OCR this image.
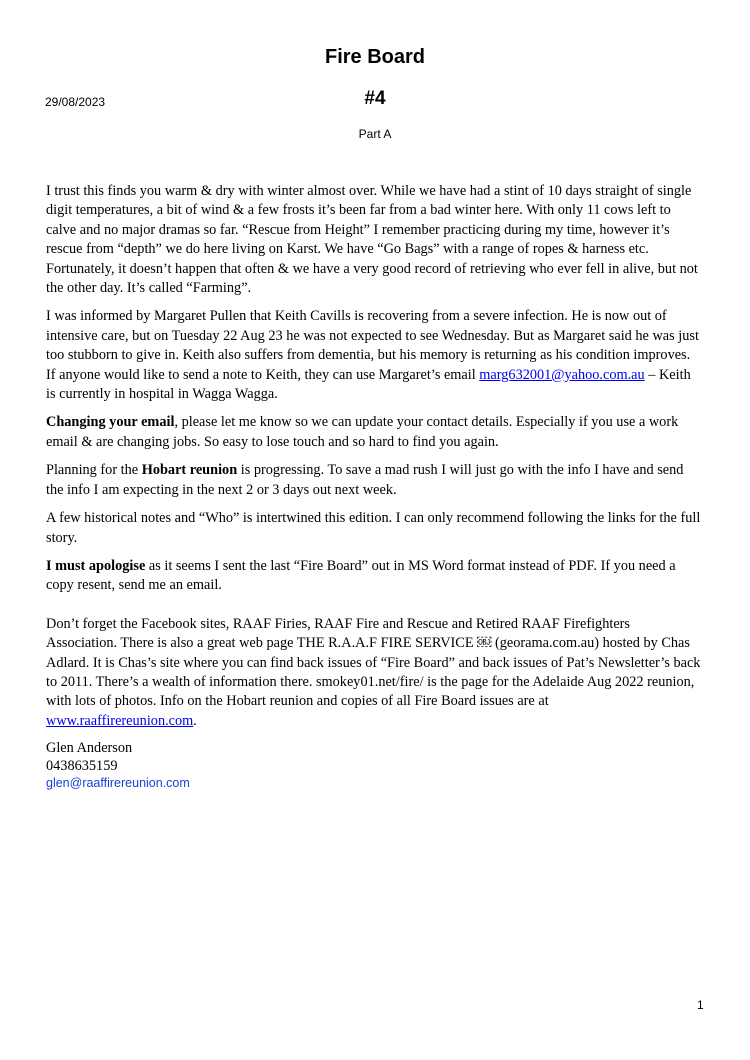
Fire Board
29/08/2023	#4
Part A

I trust this finds you warm & dry with winter almost over. While we have had a stint of 10 days straight of single digit temperatures, a bit of wind & a few frosts it’s been far from a bad winter here. With only 11 cows left to calve and no major dramas so far. “Rescue from Height” I remember practicing during my time, however it’s rescue from “depth” we do here living on Karst. We have “Go Bags” with a range of ropes & harness etc. Fortunately, it doesn’t happen that often & we have a very good record of retrieving who ever fell in alive, but not the other day. It’s called “Farming”.

I was informed by Margaret Pullen that Keith Cavills is recovering from a severe infection. He is now out of intensive care, but on Tuesday 22 Aug 23 he was not expected to see Wednesday. But as Margaret said he was just too stubborn to give in. Keith also suffers from dementia, but his memory is returning as his condition improves. If anyone would like to send a note to Keith, they can use Margaret’s email marg632001@yahoo.com.au – Keith is currently in hospital in Wagga Wagga.

Changing your email, please let me know so we can update your contact details. Especially if you use a work email & are changing jobs. So easy to lose touch and so hard to find you again.

Planning for the Hobart reunion is progressing. To save a mad rush I will just go with the info I have and send the info I am expecting in the next 2 or 3 days out next week.

A few historical notes and “Who” is intertwined this edition. I can only recommend following the links for the full story.

I must apologise as it seems I sent the last “Fire Board” out in MS Word format instead of PDF. If you need a copy resent, send me an email.

Don’t forget the Facebook sites, RAAF Firies, RAAF Fire and Rescue and Retired RAAF Firefighters Association. There is also a great web page THE R.A.A.F FIRE SERVICE ￼ (georama.com.au) hosted by Chas Adlard. It is Chas’s site where you can find back issues of “Fire Board” and back issues of Pat’s Newsletter’s back to 2011. There’s a wealth of information there. smokey01.net/fire/ is the page for the Adelaide Aug 2022 reunion, with lots of photos. Info on the Hobart reunion and copies of all Fire Board issues are at www.raaffirereunion.com.

Glen Anderson
0438635159
glen@raaffirereunion.com
1
